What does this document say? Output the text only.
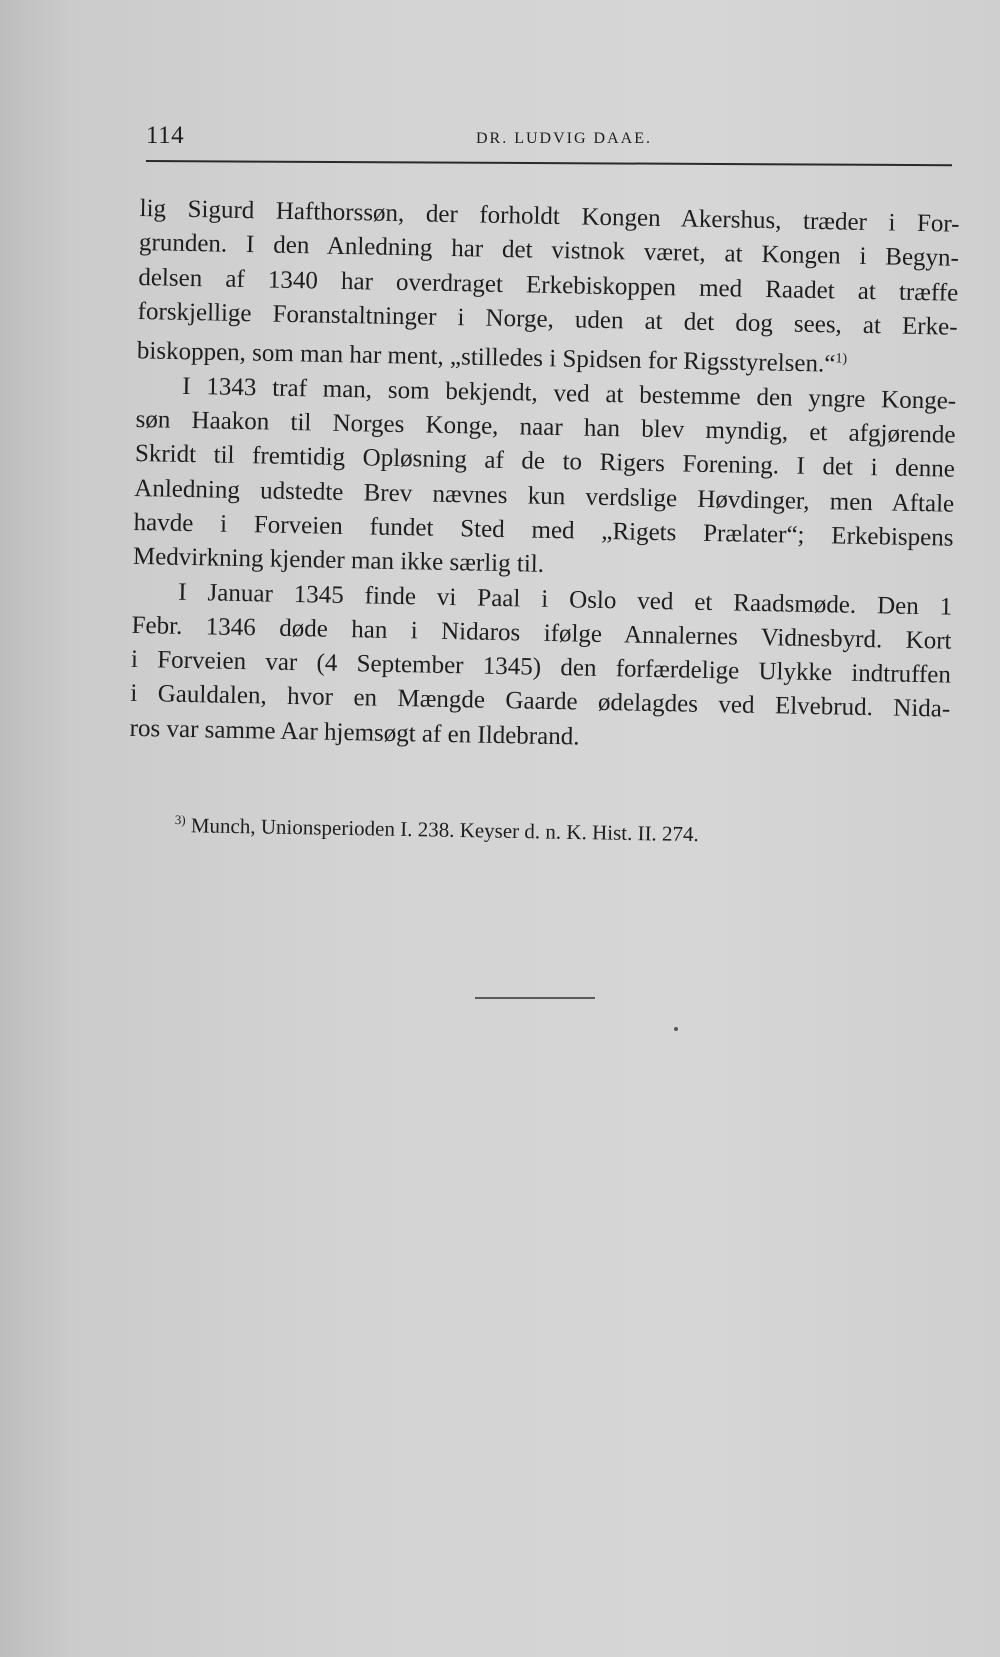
114	DR. LUDVIG DAAE.
lig Sigurd Hafthorssøn, der forholdt Kongen Akershus, træder i For-
grunden. I den Anledning har det vistnok været, at Kongen i Begyn-
delsen af 1340 har overdraget Erkebiskoppen med Raadet at træffe
forskjellige Foranstaltninger i Norge, uden at det dog sees, at Erke-
biskoppen, som man har ment, „stilledes i Spidsen for Rigsstyrelsen.“$^{1)}$
I 1343 traf man, som bekjendt, ved at bestemme den yngre Konge-
søn Haakon til Norges Konge, naar han blev myndig, et afgjørende
Skridt til fremtidig Opløsning af de to Rigers Forening. I det i denne
Anledning udstedte Brev nævnes kun verdslige Høvdinger, men Aftale
havde i Forveien fundet Sted med „Rigets Prælater“; Erkebispens
Medvirkning kjender man ikke særlig til.
I Januar 1345 finde vi Paal i Oslo ved et Raadsmøde. Den 1
Febr. 1346 døde han i Nidaros ifølge Annalernes Vidnesbyrd. Kort
i Forveien var (4 September 1345) den forfærdelige Ulykke indtruffen
i Gauldalen, hvor en Mængde Gaarde ødelagdes ved Elvebrud. Nida-
ros var samme Aar hjemsøgt af en Ildebrand.
$^{3)}$ Munch, Unionsperioden I. 238. Keyser d. n. K. Hist. II. 274.
